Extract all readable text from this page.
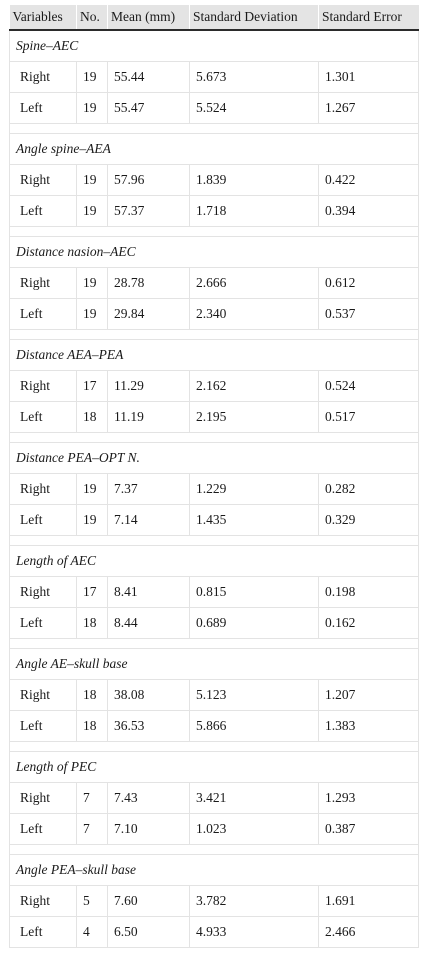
Variables	No.	Mean (mm)	Standard Deviation	Standard Error
Spine–AEC				
Right	19	55.44	5.673	1.301
Left	19	55.47	5.524	1.267

Angle spine–AEA				
Right	19	57.96	1.839	0.422
Left	19	57.37	1.718	0.394

Distance nasion–AEC				
Right	19	28.78	2.666	0.612
Left	19	29.84	2.340	0.537

Distance AEA–PEA				
Right	17	11.29	2.162	0.524
Left	18	11.19	2.195	0.517

Distance PEA–OPT N.				
Right	19	7.37	1.229	0.282
Left	19	7.14	1.435	0.329

Length of AEC				
Right	17	8.41	0.815	0.198
Left	18	8.44	0.689	0.162

Angle AE–skull base				
Right	18	38.08	5.123	1.207
Left	18	36.53	5.866	1.383

Length of PEC				
Right	7	7.43	3.421	1.293
Left	7	7.10	1.023	0.387

Angle PEA–skull base				
Right	5	7.60	3.782	1.691
Left	4	6.50	4.933	2.466
